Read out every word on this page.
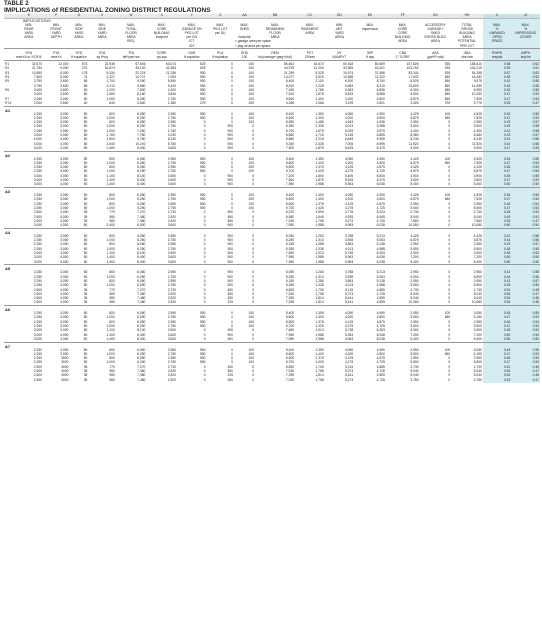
TABLE 2
IMPLICATIONS of RESIDENTIAL ZONING DISTRICT REGULATIONS
	E	F	G	V	W	X	Y	Z	AA	BB	CC	DD	EE	FF	GG	HH	II	JJ
IMPLICATIONS																		
	MIN.	MIN.	MIN.	MIN.	MAX.	MAX.	MAX.	MAX.	MAX.	MAX.	MAX.	MIN.	MIN.	MAX.	ACCESSORY	TOTAL	MAX.	MAX.
	REAR	FRONT	SIDE	SIDE	TOTAL	CORE	GARAGE ON	PKG LOT	SHED	REMAINING	PAVEMENT	NET	impervious	CORE	GARAGE+	GROSS	%	%
	YARD	YARD	YARD	YARD	FLOOR	BUILDING	PKG LOT	per DU		FLOOR	AREA	YARD		CORE	SHED	BUILDING	UNPAVED	IMPERVIOUS
	AREA	DEPTH	AREA	AREA	AREA	footprint	per DU		footprint	AREA		AREA		BUILDING	GROSS BLDG.	AREA	OPEN	COVER
					REQ.		/CT		= garage area per space					AREA	AREA	POTENTIAL	SPACE	
							/OC		= pkg lot area per space							PER LOT		

	RYA	FYA	SYD	SYA	TFA	CORE	GAR	PLA	SHD	REM	PVT	NY	IMP	CBA	ASA	GBA	R%PN	IMP%
	reseYd or *LDF/4	reseYd	ft equation	sq ft*sq	ftsf*yas+sw	rpt-sqs	ft equation	ft equation	100	bc(coverge+garg+shd)	20*ses	NUMPVT	ft sqs	1° CORE	(gar*E+sta)	cbs+sta	resy/sk	imp/lot

R1	32,670	12,000	573	22,938	67,606	63,074	825	0	100	86,661	16,670	50,518	80,669	157,826	925	158,610	0.58	0.62
R2	21,780	9,000	270	16,874	45,130	42,384	825	0	100	44,978	11,200	33,069	53,401	103,290	925	104,215	0.59	0.61
R3	10,890	6,000	178	5,334	22,224	21,336	550	0	100	21,299	5,325	15,974	37,586	53,340	925	54,265	0.57	0.63
R4	7,500	5,000	74	2,227	14,727	7,053	550	0	100	14,077	3,519	10,558	11,222	17,632	650	18,282	0.48	0.52
R5	3,750	3,600	85	1,700	9,050	5,950	550	0	100	8,400	2,100	6,300	8,700	8,925	650	9,575	0.42	0.58
	3,750	3,600	85	2,210	9,560	5,440	550	0	100	8,910	2,228	6,683	8,310	13,600	650	14,250	0.45	0.55
R6	3,000	3,600	60	1,200	7,800	4,200	550	0	100	7,150	1,788	5,363	6,838	6,300	650	6,950	0.45	0.55
	3,000	3,600	60	1,560	8,160	3,840	550	0	100	7,510	1,878	5,633	6,568	9,600	650	10,250	0.47	0.53
R7	2,250	3,000	50	1,000	6,250	2,750	550	0	100	5,600	1,400	4,200	4,800	6,875	650	7,525	0.47	0.53
R7a	2,000	2,600	40	640	4,640	1,360	275	0	100	4,265	1,066	3,199	2,801	3,400	375	3,775	0.53	0.47

A1																		
	2,250	3,000	50	800	6,050	2,950	550	0	100	5,400	1,350	4,050	4,950	4,425	100	4,525	0.45	0.55
	2,250	3,000	50	1,000	6,250	2,750	550	0	100	5,600	1,400	4,200	4,800	6,875	650	7,525	0.47	0.53
	2,250	3,000	50	800	6,050	2,950	0	0	100	5,950	1,488	4,463	4,538	2,950	0	2,950	0.43	0.57
	2,250	3,000	50	1,000	6,250	2,750	0	900	0	5,350	1,338	4,013	4,988	5,500	0	5,500	0.45	0.55
	2,250	4,000	50	1,000	7,250	1,750	0	900	0	6,700	1,675	5,025	3,975	4,400	0	4,400	0.42	0.58
	3,000	3,000	50	1,760	7,760	4,240	0	900	0	6,860	1,715	5,145	6,855	8,480	0	8,480	0.43	0.57
	4,000	4,000	50	1,900	9,760	6,240	0	900	0	8,860	2,215	6,645	9,355	6,240	0	6,240	0.42	0.58
	4,000	4,000	50	2,840	10,240	5,760	0	900	0	9,340	2,335	7,005	8,995	11,520	0	11,520	0.44	0.56
	3,000	4,000	50	1,400	8,400	3,600	0	900	0	7,500	1,875	5,625	6,375	9,000	0	9,000	0.47	0.53

A2																		
	2,250	3,000	50	800	6,050	2,950	550	0	100	5,400	1,350	4,050	4,950	4,425	100	4,525	0.45	0.55
	2,250	3,000	50	1,000	6,250	2,750	550	0	100	5,600	1,400	4,200	4,800	6,875	650	7,525	0.47	0.53
	2,250	3,000	50	800	6,050	2,950	550	0	100	5,500	1,375	4,125	4,875	4,425	0	4,425	0.46	0.54
	2,250	3,000	50	1,000	6,250	2,750	550	0	100	5,700	1,425	4,275	4,725	6,875	0	6,875	0.47	0.53
	3,000	4,000	50	1,100	8,100	3,900	0	900	0	7,200	1,800	5,400	6,600	3,900	0	3,900	0.45	0.55
	3,000	4,000	50	1,400	8,400	3,600	0	900	0	7,500	1,875	5,625	6,375	3,600	0	3,600	0.47	0.53
	3,000	4,000	50	1,400	8,400	3,600	0	900	0	7,950	1,988	5,963	6,038	5,400	0	5,400	0.50	0.50

A3																		
	2,250	3,000	50	800	6,050	2,950	550	0	100	5,400	1,350	4,050	4,950	4,425	100	4,525	0.45	0.55
	2,250	3,000	50	1,000	6,250	2,750	550	0	100	5,600	1,400	4,200	4,800	6,875	650	7,525	0.47	0.53
	2,250	3,000	50	800	6,050	2,950	550	0	100	5,500	1,375	4,125	4,875	2,950	0	2,950	0.46	0.54
	2,250	3,000	50	1,000	6,250	2,750	550	0	100	5,700	1,425	4,275	4,725	5,500	0	5,500	0.47	0.53
	2,500	4,000	35	770	7,270	2,730	0	450	0	6,370	1,593	4,778	5,223	2,730	0	2,730	0.48	0.52
	2,500	4,000	35	980	7,480	2,520	0	450	0	6,580	1,645	4,935	5,065	5,040	0	5,040	0.49	0.51
	2,500	4,000	35	980	7,480	2,520	0	450	0	7,030	1,758	5,273	4,728	7,560	0	7,560	0.53	0.47
	3,000	4,000	50	1,400	8,400	3,600	0	900	0	7,950	1,988	5,963	6,038	10,080	0	10,080	0.50	0.50

A4																		
	2,250	3,000	50	800	6,050	2,950	0	900	0	5,050	1,263	3,788	5,213	4,425	0	4,425	0.42	0.58
	2,250	3,000	50	1,000	6,250	2,750	0	900	0	5,250	1,313	3,938	5,063	6,875	0	6,875	0.44	0.56
	2,250	3,000	50	800	6,050	2,950	0	900	0	5,150	1,288	3,863	5,138	2,950	0	2,950	0.43	0.57
	2,250	3,000	50	1,000	6,250	2,750	0	900	0	5,350	1,338	4,013	4,988	5,500	0	5,500	0.45	0.55
	3,000	4,000	50	1,100	8,100	3,900	0	450	0	7,650	1,913	5,738	6,263	3,900	0	3,900	0.48	0.52
	3,000	4,000	50	1,400	8,400	3,600	0	900	0	7,950	1,988	5,963	6,038	7,200	0	7,200	0.50	0.50
	3,000	4,000	50	1,400	8,400	3,600	0	900	0	7,950	1,988	5,963	6,038	5,400	0	5,400	0.50	0.50

A5																		
	2,250	3,000	50	800	6,050	2,950	0	900	0	5,050	1,263	3,788	5,213	2,950	0	2,950	0.42	0.58
	2,250	3,000	50	1,000	6,250	2,750	0	900	0	5,250	1,313	3,938	5,063	5,500	0	5,500	0.44	0.56
	2,250	3,000	50	800	6,050	2,950	0	900	0	5,150	1,288	3,863	5,138	2,950	0	2,950	0.43	0.57
	2,250	3,000	50	1,000	6,250	2,750	0	900	0	5,350	1,338	4,013	4,988	5,500	0	5,500	0.45	0.55
	2,500	4,000	35	770	7,270	2,730	0	450	0	6,820	1,705	5,115	4,885	2,730	0	2,730	0.51	0.49
	2,500	4,000	35	980	7,480	2,520	0	450	0	7,030	1,758	5,273	4,728	5,040	0	5,040	0.53	0.47
	2,500	4,000	35	980	7,480	2,520	0	450	0	7,250	1,814	5,441	4,559	5,040	0	5,040	0.54	0.46
	2,500	4,000	35	980	7,480	2,520	0	225	0	7,255	1,814	5,441	4,559	10,080	0	10,080	0.54	0.46

A6																		
	2,250	3,000	50	800	6,050	2,950	550	0	100	5,400	1,350	4,050	4,950	2,950	100	3,050	0.45	0.55
	2,250	3,000	50	1,000	6,250	2,750	550	0	100	5,600	1,400	4,200	4,800	5,500	650	6,150	0.47	0.53
	2,250	3,000	50	800	6,050	2,950	550	0	100	5,500	1,375	4,125	4,875	2,950	0	2,950	0.46	0.54
	2,250	3,000	50	1,000	6,250	2,750	550	0	100	5,700	1,425	4,275	4,725	5,500	0	5,500	0.47	0.53
	3,000	4,000	50	1,100	8,100	3,900	0	450	0	7,650	1,913	5,738	6,263	3,900	0	3,900	0.48	0.52
	3,000	4,000	50	1,400	8,400	3,600	0	900	0	7,950	1,988	5,963	6,038	7,200	0	7,200	0.50	0.50
	3,000	4,000	50	1,400	8,400	3,600	0	900	0	7,950	1,988	5,963	6,038	5,400	0	5,400	0.50	0.50

A7																		
	2,250	3,000	50	800	6,050	2,950	550	0	100	5,400	1,350	4,050	4,950	2,950	100	3,050	0.45	0.55
	2,250	3,000	50	1,000	6,250	2,750	550	0	100	5,600	1,400	4,200	4,800	5,500	650	6,150	0.47	0.53
	2,250	3000	50	800	6,050	2,950	550	0	100	5,500	1,375	4,125	4,875	2,950	0	2,950	0.46	0.54
	2,250	3000	50	1,000	6,250	2,750	550	0	100	5,700	1,425	4,275	4,725	5,500	0	5,500	0.47	0.53
	2,500	4000	35	770	7,270	2,730	0	450	0	6,820	1,705	5,115	4,885	2,730	0	2,730	0.51	0.49
	2,500	4000	35	980	7,480	2,520	0	450	0	7,030	1,758	5,273	4,728	5,040	0	5,040	0.53	0.47
	2,500	4000	35	980	7,480	2,520	0	225	0	7,255	1,814	5,441	4,559	5,040	0	5,040	0.54	0.46
	2,500	4000	35	980	7,480	2,520	0	450	0	7,030	1,758	5,273	4,728	3,780	0	3,780	0.53	0.47
